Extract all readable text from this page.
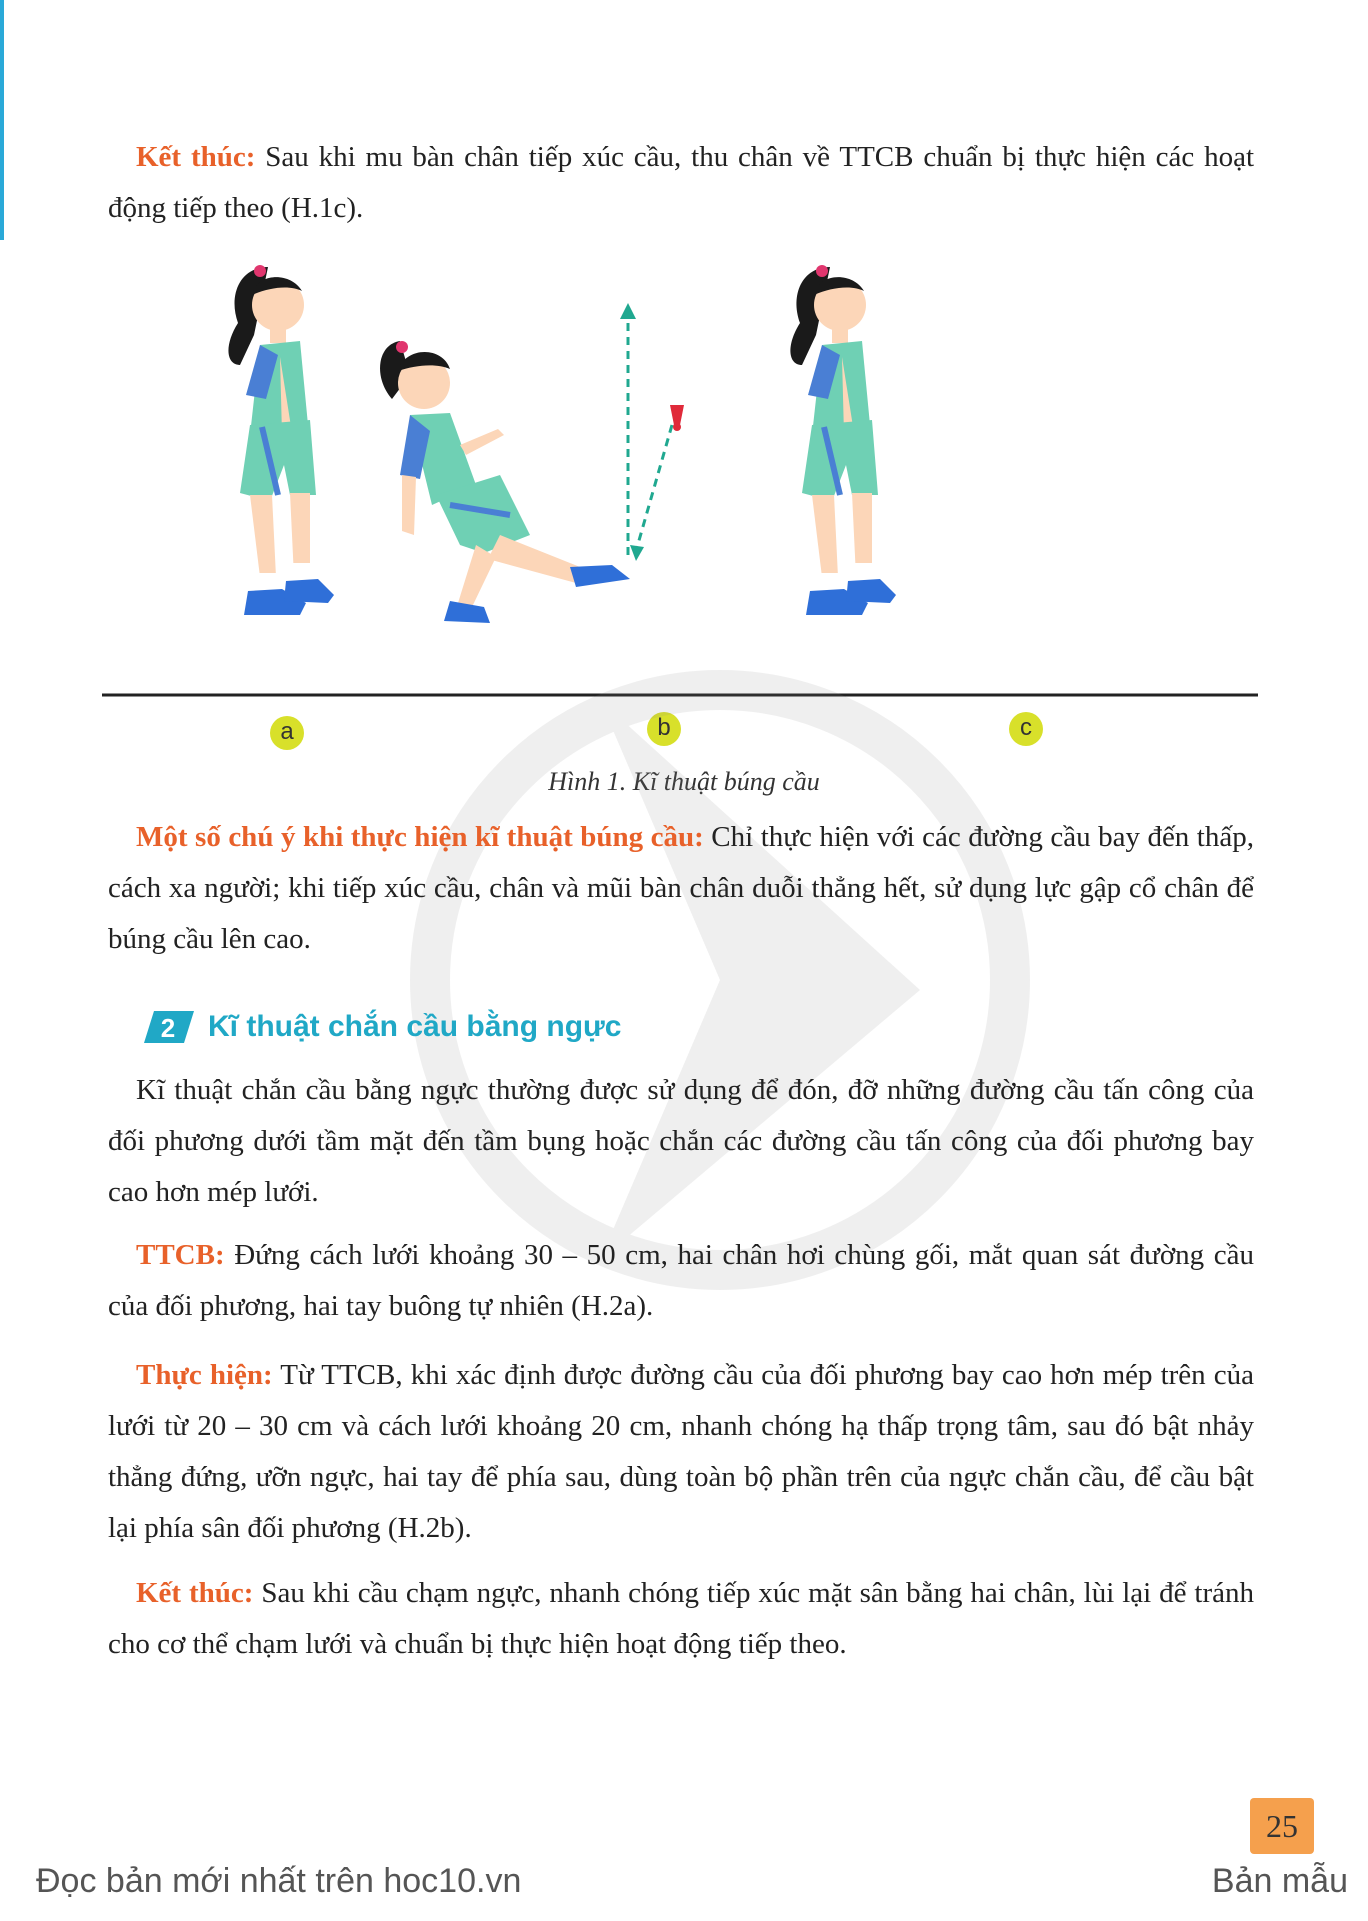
Kết thúc: Sau khi mu bàn chân tiếp xúc cầu, thu chân về TTCB chuẩn bị thực hiện các hoạt động tiếp theo (H.1c).

a	b	c
Hình 1. Kĩ thuật búng cầu

Một số chú ý khi thực hiện kĩ thuật búng cầu: Chỉ thực hiện với các đường cầu bay đến thấp, cách xa người; khi tiếp xúc cầu, chân và mũi bàn chân duỗi thẳng hết, sử dụng lực gập cổ chân để búng cầu lên cao.

2 Kĩ thuật chắn cầu bằng ngực

Kĩ thuật chắn cầu bằng ngực thường được sử dụng để đón, đỡ những đường cầu tấn công của đối phương dưới tầm mặt đến tầm bụng hoặc chắn các đường cầu tấn công của đối phương bay cao hơn mép lưới.

TTCB: Đứng cách lưới khoảng 30 – 50 cm, hai chân hơi chùng gối, mắt quan sát đường cầu của đối phương, hai tay buông tự nhiên (H.2a).

Thực hiện: Từ TTCB, khi xác định được đường cầu của đối phương bay cao hơn mép trên của lưới từ 20 – 30 cm và cách lưới khoảng 20 cm, nhanh chóng hạ thấp trọng tâm, sau đó bật nhảy thẳng đứng, ưỡn ngực, hai tay để phía sau, dùng toàn bộ phần trên của ngực chắn cầu, để cầu bật lại phía sân đối phương (H.2b).

Kết thúc: Sau khi cầu chạm ngực, nhanh chóng tiếp xúc mặt sân bằng hai chân, lùi lại để tránh cho cơ thể chạm lưới và chuẩn bị thực hiện hoạt động tiếp theo.

25
Đọc bản mới nhất trên hoc10.vn	Bản mẫu
